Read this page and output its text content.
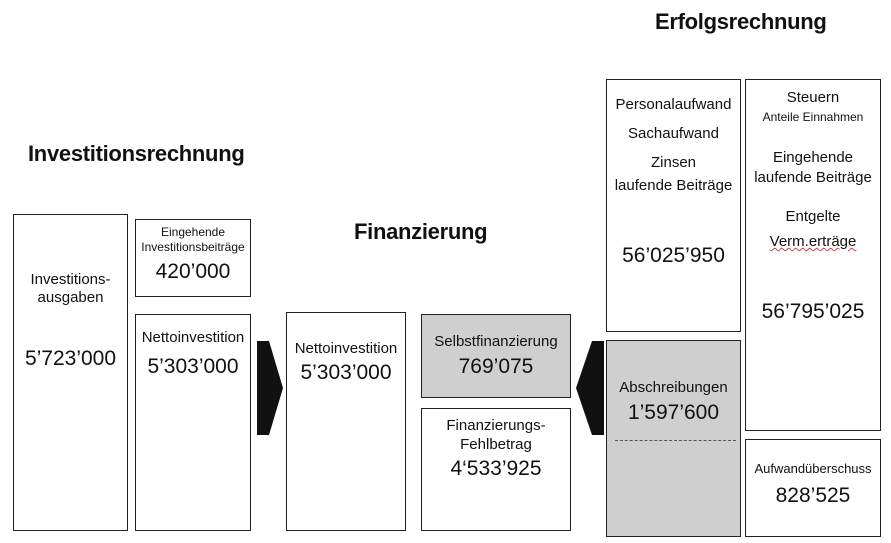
Investitionsrechnung
Finanzierung
Erfolgsrechnung
Investitions-
ausgaben
5’723’000
Eingehende
Investitionsbeiträge
420’000
Nettoinvestition
5’303’000
Nettoinvestition
5’303’000
Selbstfinanzierung
769’075
Finanzierungs-
Fehlbetrag
4‘533’925
Personalaufwand
Sachaufwand
Zinsen
laufende Beiträge
56’025’950
Abschreibungen
1’597’600
Steuern
Anteile Einnahmen
Eingehende
laufende Beiträge
Entgelte
Verm.erträge
56’795’025
Aufwandüberschuss
828’525
